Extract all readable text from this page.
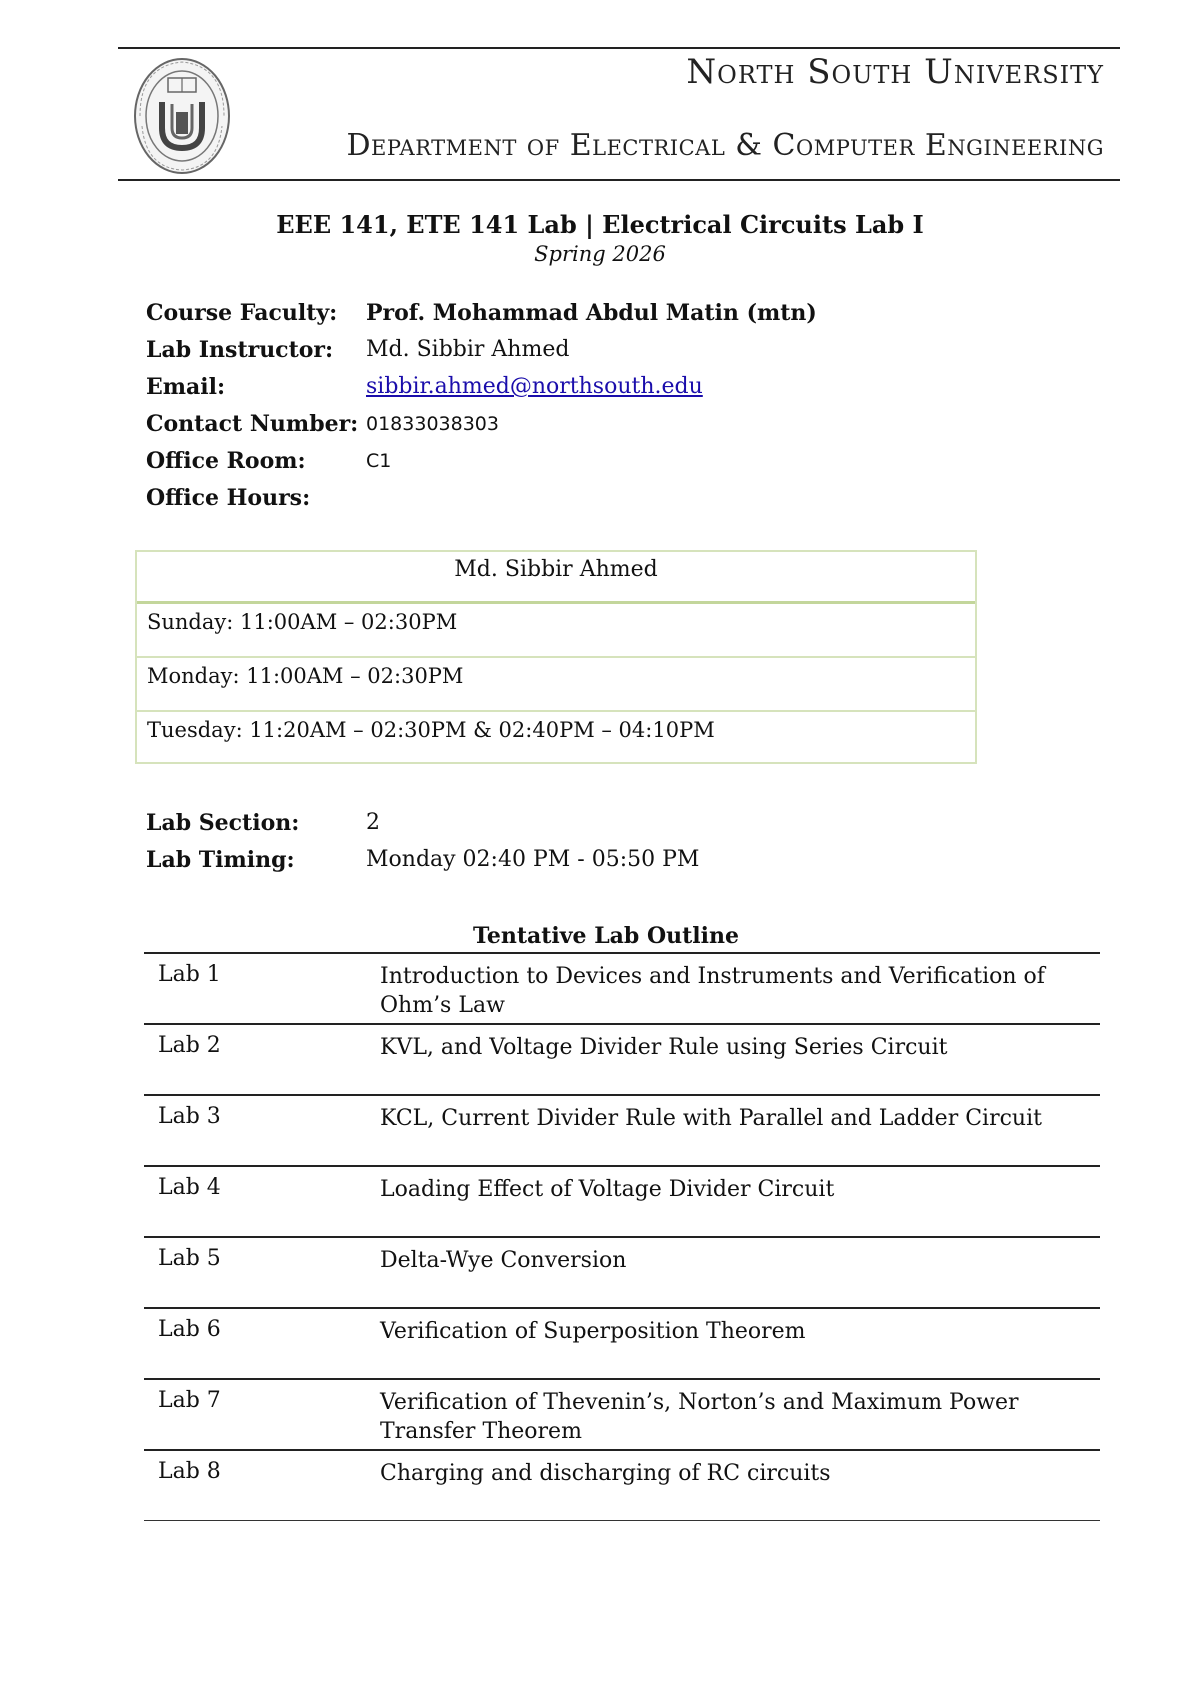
North South University
Department of Electrical & Computer Engineering
EEE 141, ETE 141 Lab | Electrical Circuits Lab I
Spring 2026
Course Faculty: Prof. Mohammad Abdul Matin (mtn)
Lab Instructor: Md. Sibbir Ahmed
Email:	sibbir.ahmed@northsouth.edu
Contact Number: 01833038303
Office Room:	C1
Office Hours:
Md. Sibbir Ahmed
Sunday: 11:00AM – 02:30PM
Monday: 11:00AM – 02:30PM
Tuesday: 11:20AM – 02:30PM & 02:40PM – 04:10PM
Lab Section:	2
Lab Timing:	Monday 02:40 PM - 05:50 PM
Tentative Lab Outline
Lab 1	Introduction to Devices and Instruments and Verification of Ohm’s Law
Lab 2	KVL, and Voltage Divider Rule using Series Circuit
Lab 3	KCL, Current Divider Rule with Parallel and Ladder Circuit
Lab 4	Loading Effect of Voltage Divider Circuit
Lab 5	Delta-Wye Conversion
Lab 6	Verification of Superposition Theorem
Lab 7	Verification of Thevenin’s, Norton’s and Maximum Power Transfer Theorem
Lab 8	Charging and discharging of RC circuits
